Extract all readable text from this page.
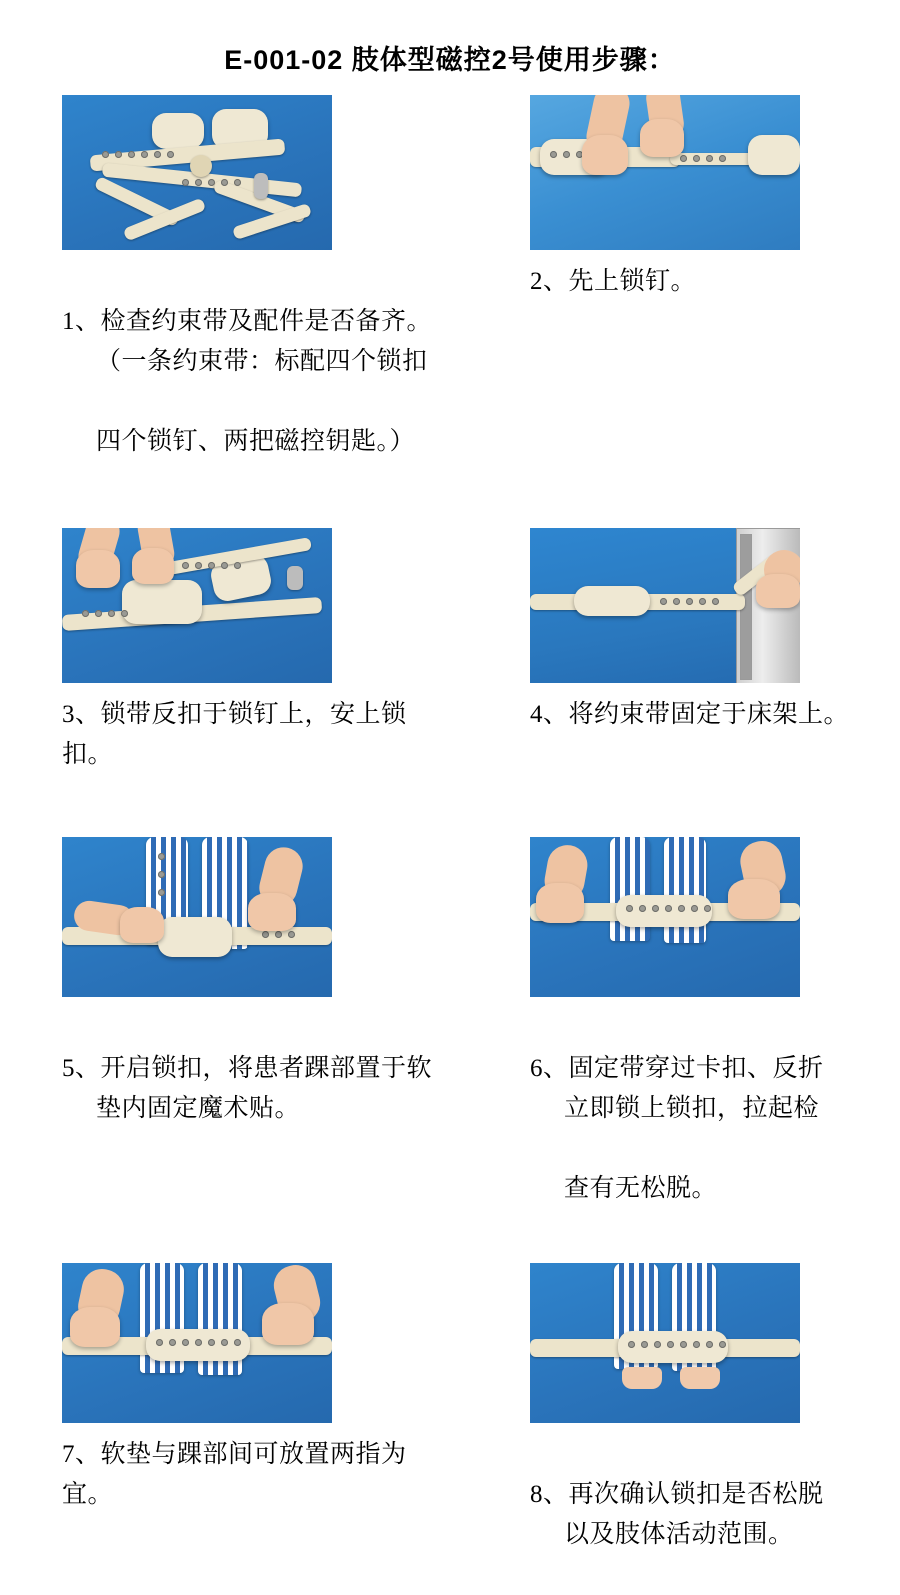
E-001-02 肢体型磁控2号使用步骤：

1、检查约束带及配件是否备齐。

（一条约束带：标配四个锁扣

四个锁钉、两把磁控钥匙。）

2、先上锁钉。
3、锁带反扣于锁钉上，安上锁扣。
4、将约束带固定于床架上。

5、开启锁扣，将患者踝部置于软

垫内固定魔术贴。

6、固定带穿过卡扣、反折

立即锁上锁扣，拉起检

查有无松脱。

7、软垫与踝部间可放置两指为宜。	8、再次确认锁扣是否松脱

以及肢体活动范围。
